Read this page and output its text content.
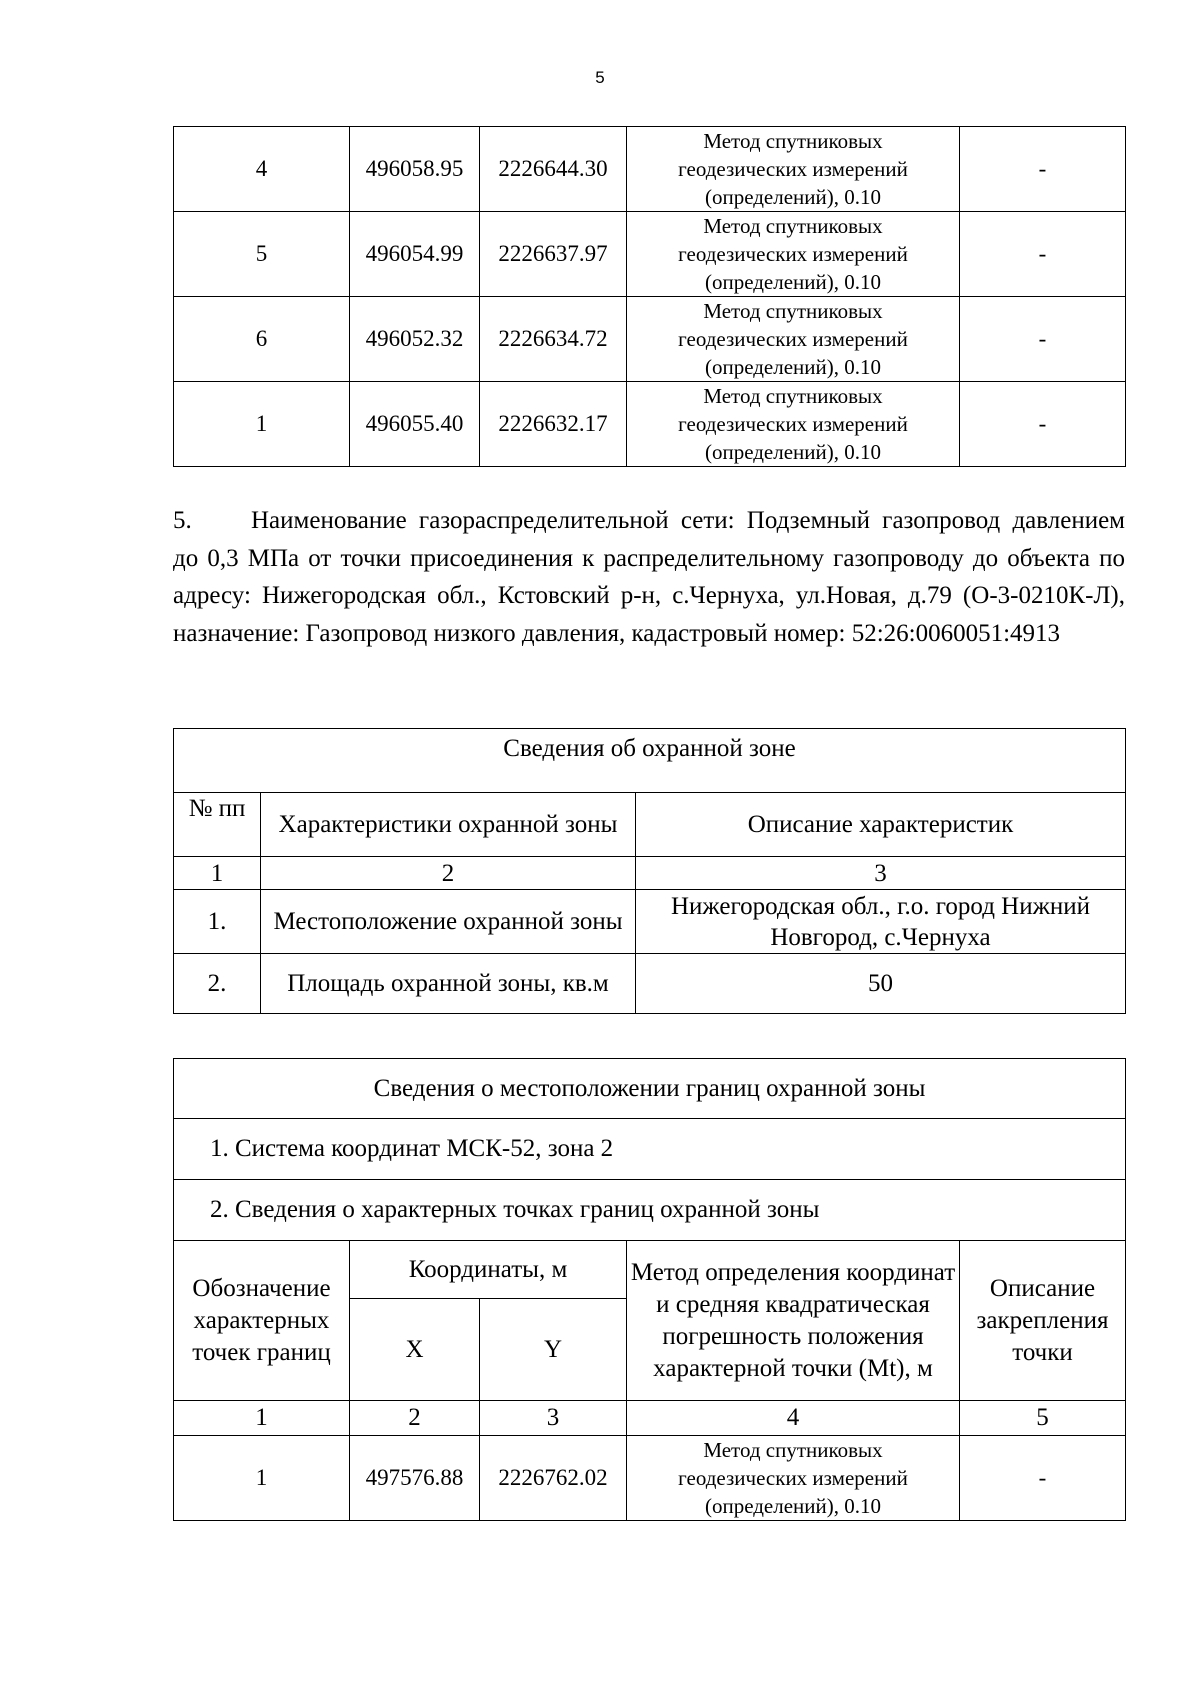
5
4	496058.95	2226644.30	Метод спутниковых
геодезических измерений
(определений), 0.10	-
5	496054.99	2226637.97	Метод спутниковых
геодезических измерений
(определений), 0.10	-
6	496052.32	2226634.72	Метод спутниковых
геодезических измерений
(определений), 0.10	-
1	496055.40	2226632.17	Метод спутниковых
геодезических измерений
(определений), 0.10	-

5. Наименование газораспределительной сети: Подземный газопровод давлением до 0,3 МПа от точки присоединения к распределительному газопроводу до объекта по адресу: Нижегородская обл., Кстовский р-н, с.Чернуха, ул.Новая, д.79 (О-3-0210К-Л), назначение: Газопровод низкого давления, кадастровый номер: 52:26:0060051:4913

Сведения об охранной зоне		
№ пп	Характеристики охранной зоны	Описание характеристик
1	2	3
1.	Местоположение охранной зоны	Нижегородская обл., г.о. город Нижний Новгород, с.Чернуха
2.	Площадь охранной зоны, кв.м	50
Сведения о местоположении границ охранной зоны				
1. Система координат МСК-52, зона 2				
2. Сведения о характерных точках границ охранной зоны				
Обозначение характерных точек границ	Координаты, м		Метод определения координат и средняя квадратическая погрешность положения характерной точки (Mt), м	Описание закрепления точки
	X	Y		
1	2	3	4	5
1	497576.88	2226762.02	Метод спутниковых
геодезических измерений
(определений), 0.10	-
